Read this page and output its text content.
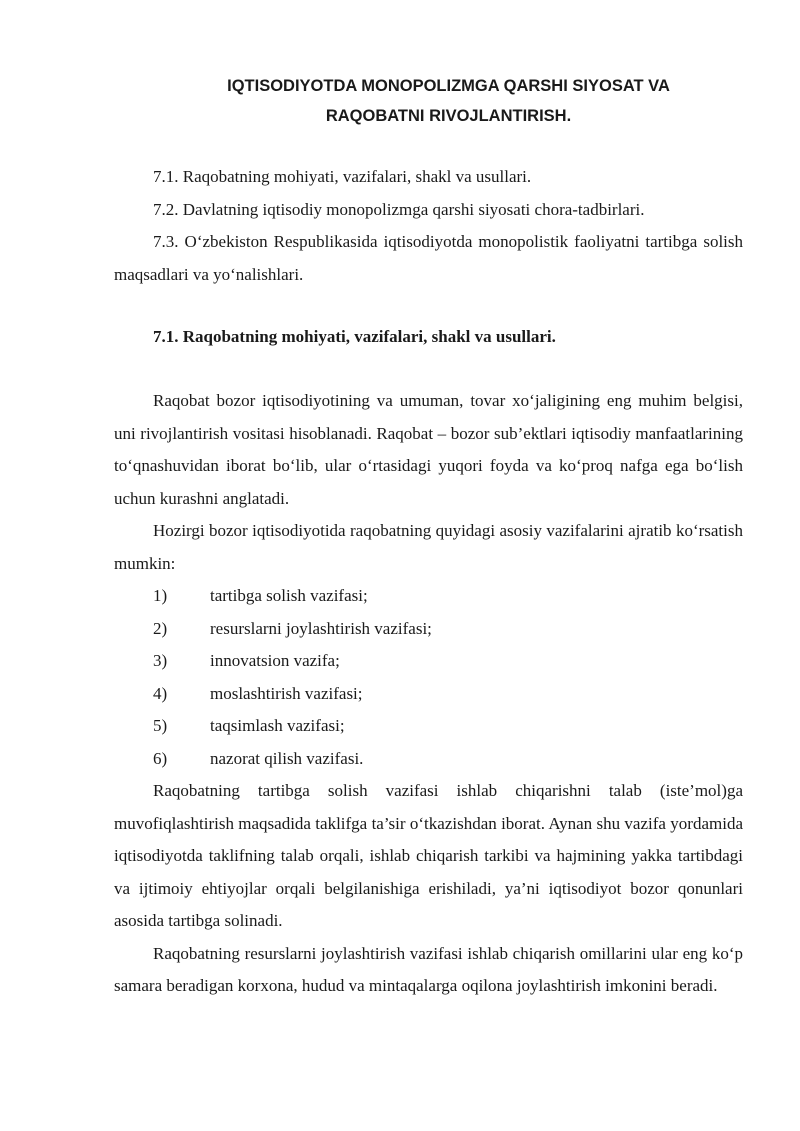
IQTISODIYOTDA MONOPOLIZMGA QARSHI SIYOSAT VA
RAQOBATNI RIVOJLANTIRISH.

7.1. Raqobatning mohiyati, vazifalari, shakl va usullari.

7.2. Davlatning iqtisodiy monopolizmga qarshi siyosati chora-tadbirlari.

7.3. O‘zbekiston Respublikasida iqtisodiyotda monopolistik faoliyatni tartibga solish maqsadlari va yo‘nalishlari.

7.1. Raqobatning mohiyati, vazifalari, shakl va usullari.

Raqobat bozor iqtisodiyotining va umuman, tovar xo‘jaligining eng muhim belgisi, uni rivojlantirish vositasi hisoblanadi. Raqobat – bozor sub’ektlari iqtisodiy manfaatlarining to‘qnashuvidan iborat bo‘lib, ular o‘rtasidagi yuqori foyda va ko‘proq nafga ega bo‘lish uchun kurashni anglatadi.

Hozirgi bozor iqtisodiyotida raqobatning quyidagi asosiy vazifalarini ajratib ko‘rsatish mumkin:

1)	tartibga solish vazifasi;
2)	resurslarni joylashtirish vazifasi;
3)	innovatsion vazifa;
4)	moslashtirish vazifasi;
5)	taqsimlash vazifasi;
6)	nazorat qilish vazifasi.

Raqobatning tartibga solish vazifasi ishlab chiqarishni talab (iste’mol)ga muvofiqlashtirish maqsadida taklifga ta’sir o‘tkazishdan iborat. Aynan shu vazifa yordamida iqtisodiyotda taklifning talab orqali, ishlab chiqarish tarkibi va hajmining yakka tartibdagi va ijtimoiy ehtiyojlar orqali belgilanishiga erishiladi, ya’ni iqtisodiyot bozor qonunlari asosida tartibga solinadi.

Raqobatning resurslarni joylashtirish vazifasi ishlab chiqarish omillarini ular eng ko‘p samara beradigan korxona, hudud va mintaqalarga oqilona joylashtirish imkonini beradi.
